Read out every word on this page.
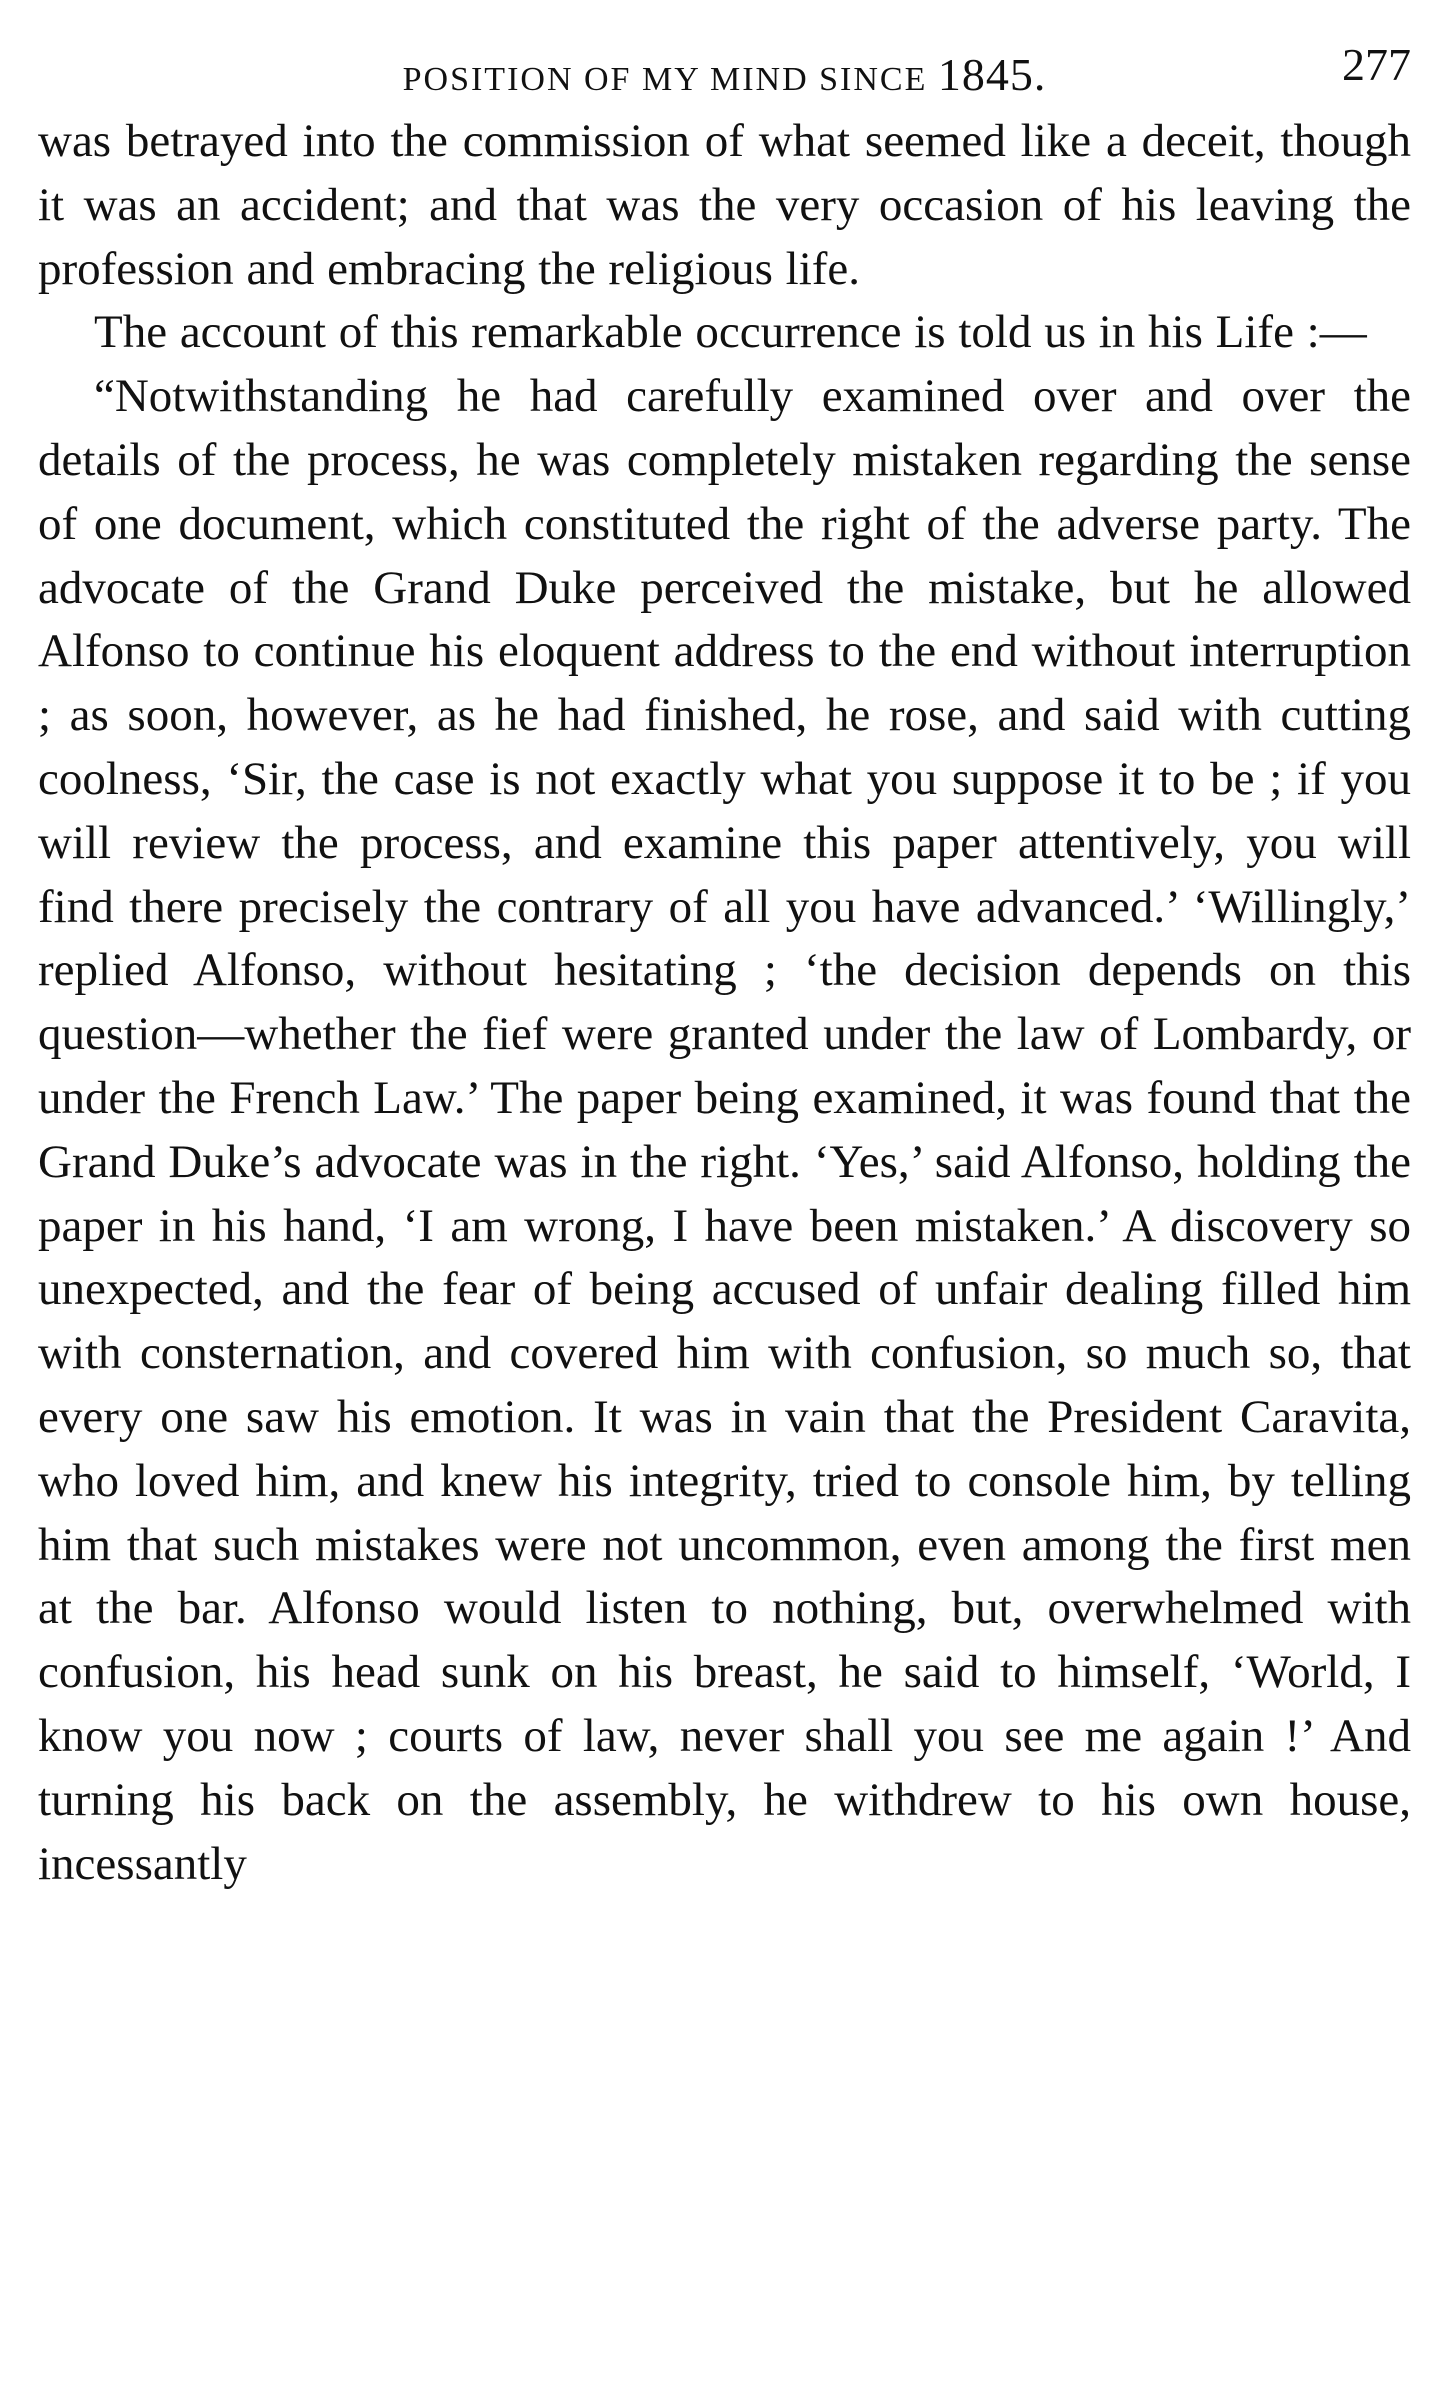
POSITION OF MY MIND SINCE 1845.	277

was betrayed into the commission of what seemed like a deceit, though it was an accident; and that was the very occasion of his leaving the profession and embracing the religious life.

The account of this remarkable occurrence is told us in his Life :—

“Notwithstanding he had carefully examined over and over the details of the process, he was completely mistaken regarding the sense of one document, which constituted the right of the adverse party. The advocate of the Grand Duke perceived the mistake, but he allowed Alfonso to continue his eloquent address to the end without interruption ; as soon, however, as he had finished, he rose, and said with cutting coolness, ‘Sir, the case is not exactly what you suppose it to be ; if you will review the process, and examine this paper attentively, you will find there precisely the contrary of all you have advanced.’ ‘Willingly,’ replied Alfonso, without hesitating ; ‘the decision depends on this question—whether the fief were granted under the law of Lombardy, or under the French Law.’ The paper being examined, it was found that the Grand Duke’s advocate was in the right. ‘Yes,’ said Alfonso, holding the paper in his hand, ‘I am wrong, I have been mistaken.’ A discovery so unexpected, and the fear of being accused of unfair dealing filled him with consternation, and covered him with confusion, so much so, that every one saw his emotion. It was in vain that the President Caravita, who loved him, and knew his integrity, tried to console him, by telling him that such mistakes were not uncommon, even among the first men at the bar. Alfonso would listen to nothing, but, overwhelmed with confusion, his head sunk on his breast, he said to himself, ‘World, I know you now ; courts of law, never shall you see me again !’ And turning his back on the assembly, he withdrew to his own house, incessantly
